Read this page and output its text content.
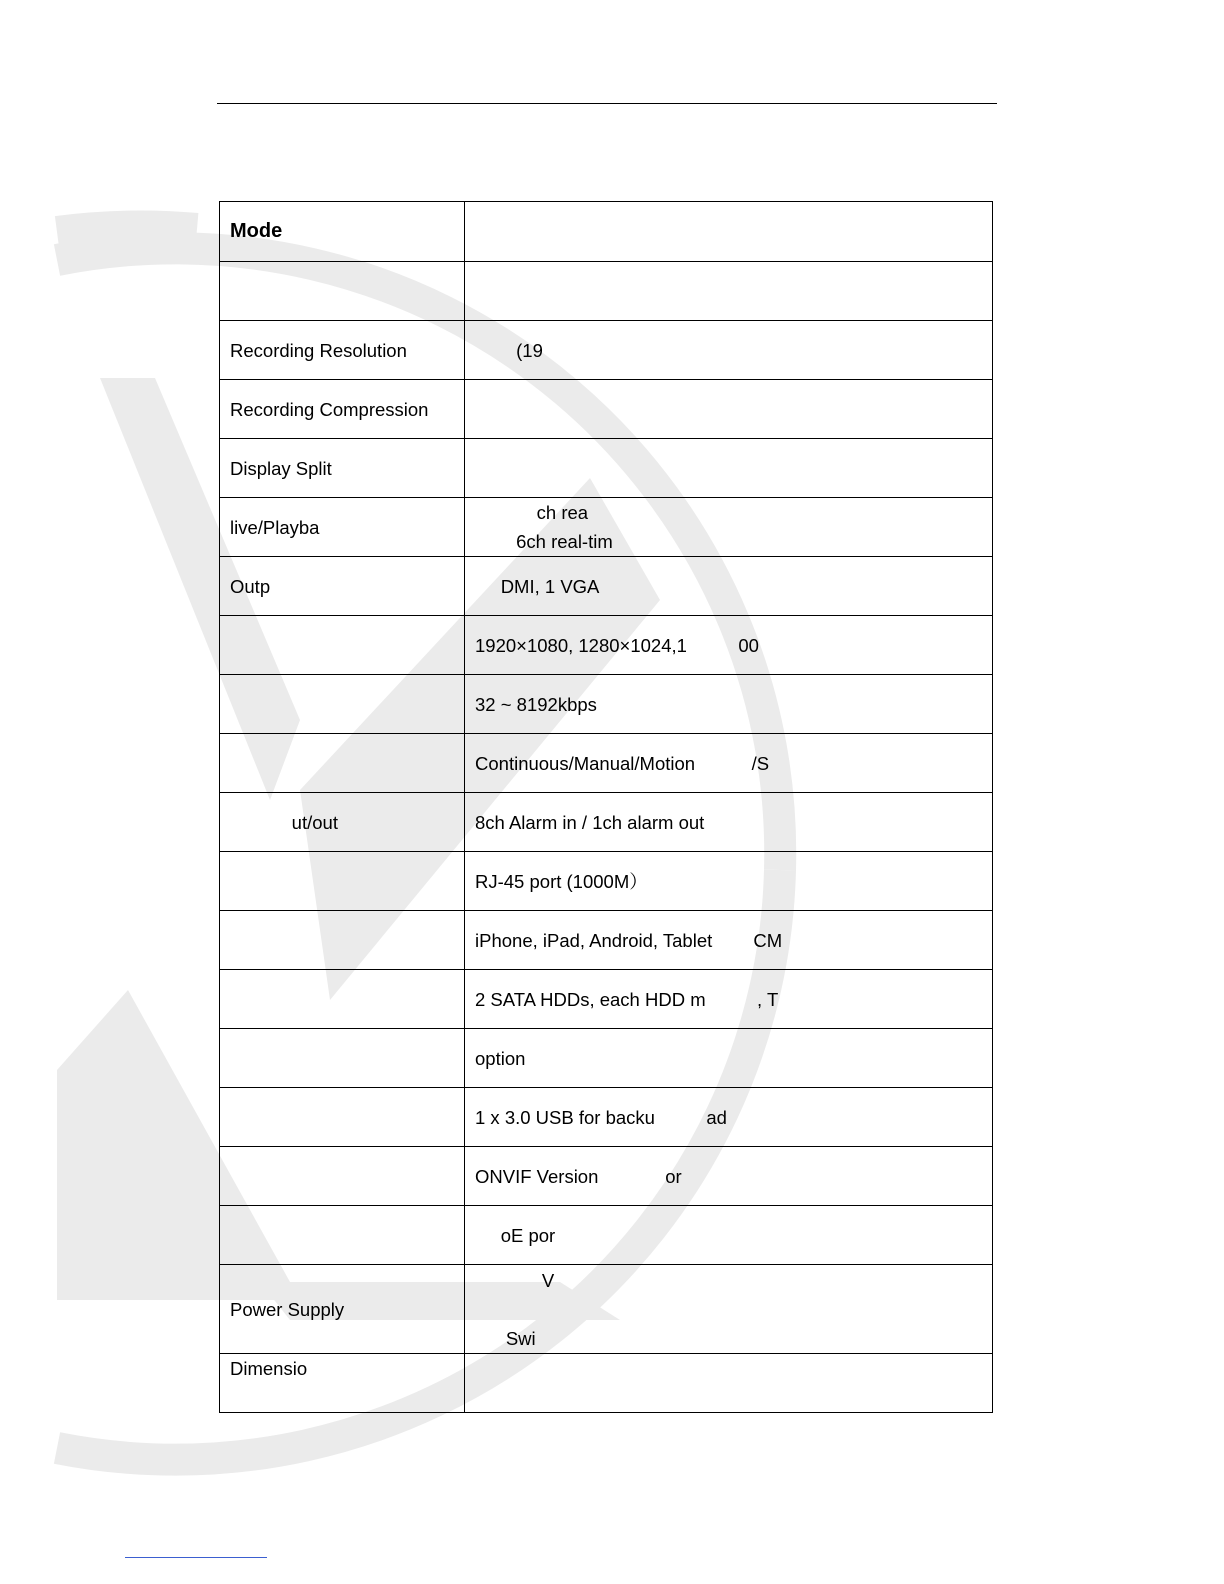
Mode	

Recording Resolution	(19
Recording Compression	
Display Split	
live/Playba	ch rea
6ch real-tim
Outp	DMI, 1 VGA
	1920×1080, 1280×1024,1          00
	32 ~ 8192kbps
	Continuous/Manual/Motion           /S
ut/out	8ch Alarm in / 1ch alarm out
	RJ-45 port (1000M）
	iPhone, iPad, Android, Tablet        CM
	2 SATA HDDs, each HDD m          , T
	option
	1 x 3.0 USB for backu          ad
	ONVIF Version             or
	oE por
Power Supply	V

Swi
Dimensio	
